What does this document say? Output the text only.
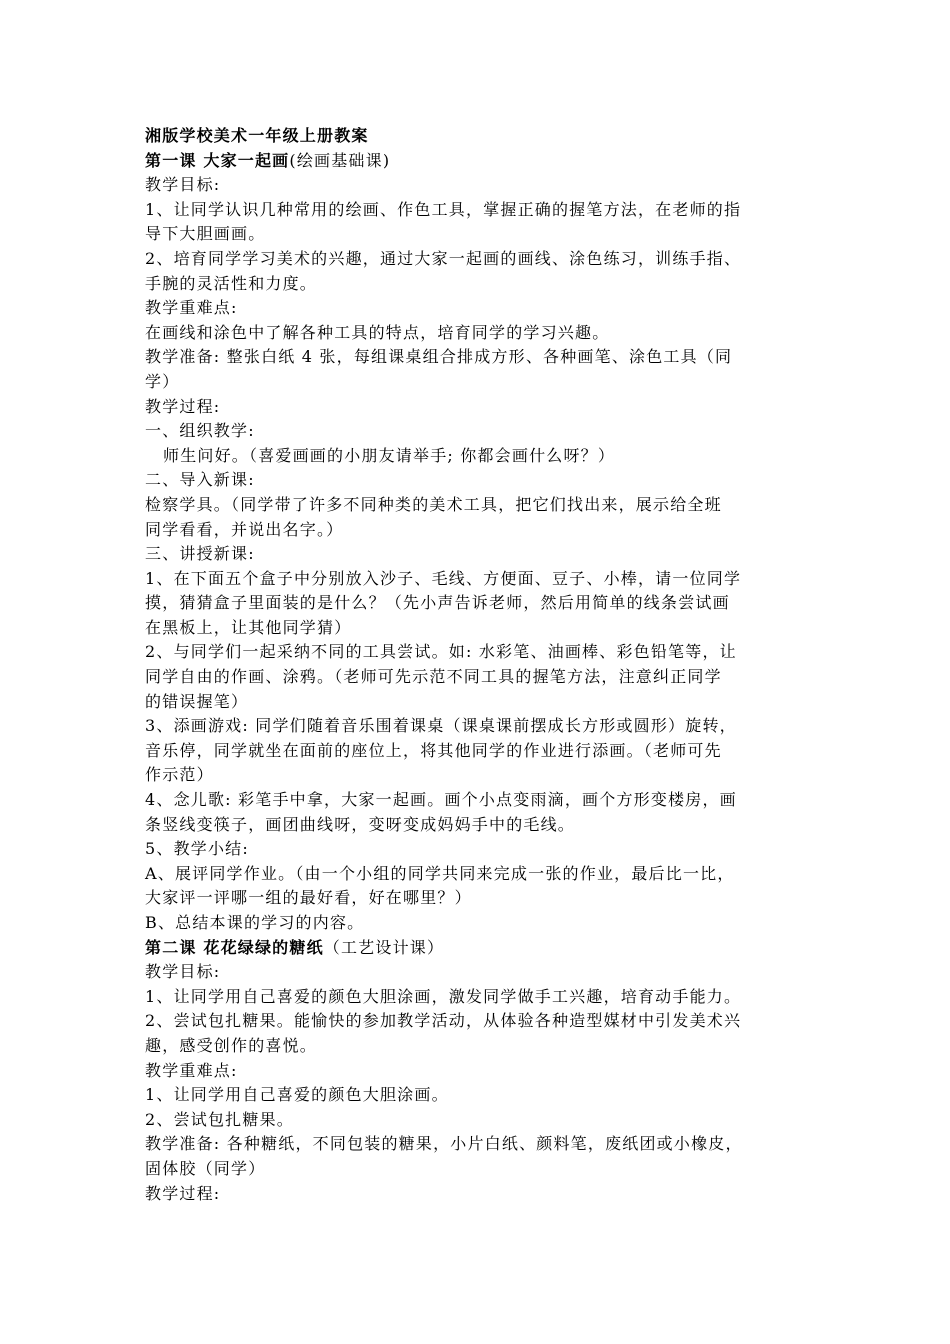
湘版学校美术一年级上册教案

第一课 大家一起画(绘画基础课)

教学目标:

1、让同学认识几种常用的绘画、作色工具，掌握正确的握笔方法，在老师的指

导下大胆画画。

2、培育同学学习美术的兴趣，通过大家一起画的画线、涂色练习，训练手指、

手腕的灵活性和力度。

教学重难点:

在画线和涂色中了解各种工具的特点，培育同学的学习兴趣。

教学准备: 整张白纸 4 张，每组课桌组合排成方形、各种画笔、涂色工具（同

学）

教学过程:

一、组织教学:

师生问好。（喜爱画画的小朋友请举手; 你都会画什么呀？）

二、导入新课:

检察学具。（同学带了许多不同种类的美术工具，把它们找出来，展示给全班

同学看看，并说出名字。）

三、讲授新课:

1、在下面五个盒子中分别放入沙子、毛线、方便面、豆子、小棒，请一位同学

摸，猜猜盒子里面装的是什么？（先小声告诉老师，然后用简单的线条尝试画

在黑板上，让其他同学猜）

2、与同学们一起采纳不同的工具尝试。如: 水彩笔、油画棒、彩色铅笔等，让

同学自由的作画、涂鸦。（老师可先示范不同工具的握笔方法，注意纠正同学

的错误握笔）

3、添画游戏: 同学们随着音乐围着课桌（课桌课前摆成长方形或圆形）旋转，

音乐停，同学就坐在面前的座位上，将其他同学的作业进行添画。（老师可先

作示范）

4、念儿歌: 彩笔手中拿，大家一起画。画个小点变雨滴，画个方形变楼房，画

条竖线变筷子，画团曲线呀，变呀变成妈妈手中的毛线。

5、教学小结:

A、展评同学作业。（由一个小组的同学共同来完成一张的作业，最后比一比，

大家评一评哪一组的最好看，好在哪里？）

B、总结本课的学习的内容。

第二课 花花绿绿的糖纸（工艺设计课）

教学目标:

1、让同学用自己喜爱的颜色大胆涂画，激发同学做手工兴趣，培育动手能力。

2、尝试包扎糖果。能愉快的参加教学活动，从体验各种造型媒材中引发美术兴

趣，感受创作的喜悦。

教学重难点:

1、让同学用自己喜爱的颜色大胆涂画。

2、尝试包扎糖果。

教学准备: 各种糖纸，不同包装的糖果，小片白纸、颜料笔，废纸团或小橡皮，

固体胶（同学）

教学过程:
